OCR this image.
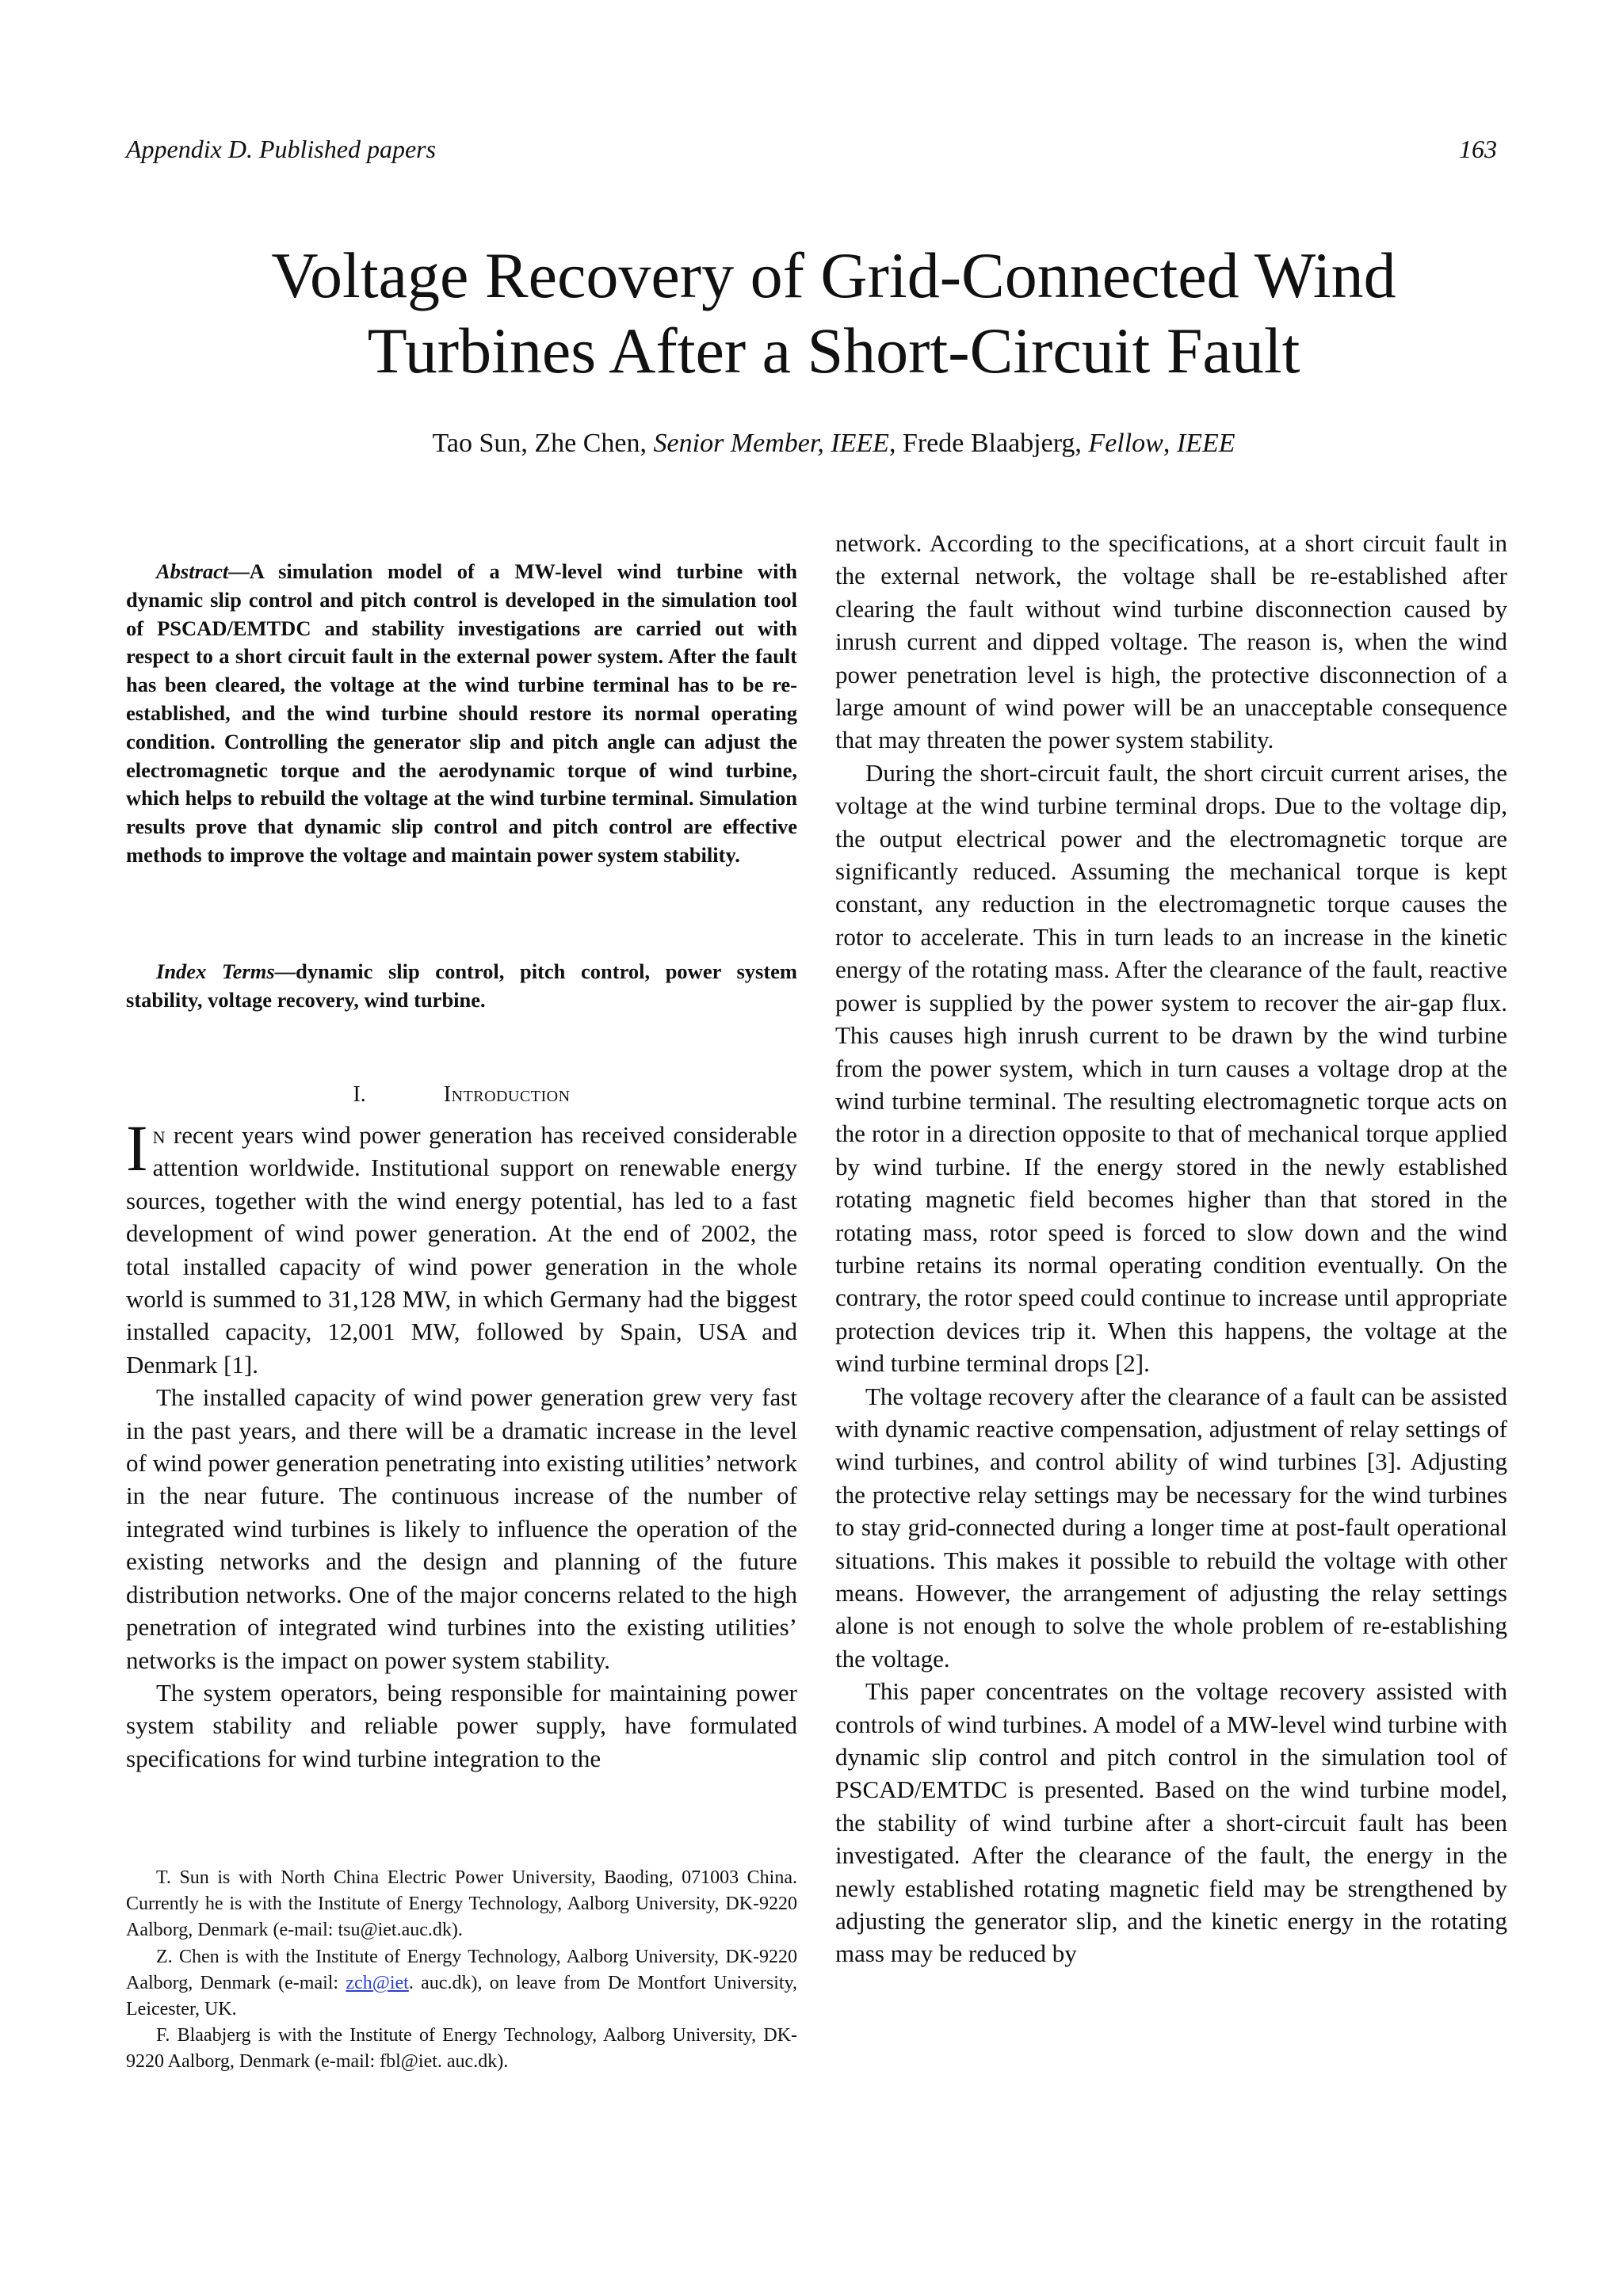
Appendix D. Published papers	163
Voltage Recovery of Grid-Connected Wind
Turbines After a Short-Circuit Fault
Tao Sun, Zhe Chen, Senior Member, IEEE, Frede Blaabjerg, Fellow, IEEE

Abstract—A simulation model of a MW-level wind turbine with dynamic slip control and pitch control is developed in the simulation tool of PSCAD/EMTDC and stability investigations are carried out with respect to a short circuit fault in the external power system. After the fault has been cleared, the voltage at the wind turbine terminal has to be re-established, and the wind turbine should restore its normal operating condition. Controlling the generator slip and pitch angle can adjust the electromagnetic torque and the aerodynamic torque of wind turbine, which helps to rebuild the voltage at the wind turbine terminal. Simulation results prove that dynamic slip control and pitch control are effective methods to improve the voltage and maintain power system stability.

Index Terms—dynamic slip control, pitch control, power system stability, voltage recovery, wind turbine.
I.	Introduction

In recent years wind power generation has received considerable attention worldwide. Institutional support on renewable energy sources, together with the wind energy potential, has led to a fast development of wind power generation. At the end of 2002, the total installed capacity of wind power generation in the whole world is summed to 31,128 MW, in which Germany had the biggest installed capacity, 12,001 MW, followed by Spain, USA and Denmark [1].

The installed capacity of wind power generation grew very fast in the past years, and there will be a dramatic increase in the level of wind power generation penetrating into existing utilities’ network in the near future. The continuous increase of the number of integrated wind turbines is likely to influence the operation of the existing networks and the design and planning of the future distribution networks. One of the major concerns related to the high penetration of integrated wind turbines into the existing utilities’ networks is the impact on power system stability.

The system operators, being responsible for maintaining power system stability and reliable power supply, have formulated specifications for wind turbine integration to the

T. Sun is with North China Electric Power University, Baoding, 071003 China. Currently he is with the Institute of Energy Technology, Aalborg University, DK-9220 Aalborg, Denmark (e-mail: tsu@iet.auc.dk).

Z. Chen is with the Institute of Energy Technology, Aalborg University, DK-9220 Aalborg, Denmark (e-mail: zch@iet. auc.dk), on leave from De Montfort University, Leicester, UK.

F. Blaabjerg is with the Institute of Energy Technology, Aalborg University, DK-9220 Aalborg, Denmark (e-mail: fbl@iet. auc.dk).

network. According to the specifications, at a short circuit fault in the external network, the voltage shall be re-established after clearing the fault without wind turbine disconnection caused by inrush current and dipped voltage. The reason is, when the wind power penetration level is high, the protective disconnection of a large amount of wind power will be an unacceptable consequence that may threaten the power system stability.

During the short-circuit fault, the short circuit current arises, the voltage at the wind turbine terminal drops. Due to the voltage dip, the output electrical power and the electromagnetic torque are significantly reduced. Assuming the mechanical torque is kept constant, any reduction in the electromagnetic torque causes the rotor to accelerate. This in turn leads to an increase in the kinetic energy of the rotating mass. After the clearance of the fault, reactive power is supplied by the power system to recover the air-gap flux. This causes high inrush current to be drawn by the wind turbine from the power system, which in turn causes a voltage drop at the wind turbine terminal. The resulting electromagnetic torque acts on the rotor in a direction opposite to that of mechanical torque applied by wind turbine. If the energy stored in the newly established rotating magnetic field becomes higher than that stored in the rotating mass, rotor speed is forced to slow down and the wind turbine retains its normal operating condition eventually. On the contrary, the rotor speed could continue to increase until appropriate protection devices trip it. When this happens, the voltage at the wind turbine terminal drops [2].

The voltage recovery after the clearance of a fault can be assisted with dynamic reactive compensation, adjustment of relay settings of wind turbines, and control ability of wind turbines [3]. Adjusting the protective relay settings may be necessary for the wind turbines to stay grid-connected during a longer time at post-fault operational situations. This makes it possible to rebuild the voltage with other means. However, the arrangement of adjusting the relay settings alone is not enough to solve the whole problem of re-establishing the voltage.

This paper concentrates on the voltage recovery assisted with controls of wind turbines. A model of a MW-level wind turbine with dynamic slip control and pitch control in the simulation tool of PSCAD/EMTDC is presented. Based on the wind turbine model, the stability of wind turbine after a short-circuit fault has been investigated. After the clearance of the fault, the energy in the newly established rotating magnetic field may be strengthened by adjusting the generator slip, and the kinetic energy in the rotating mass may be reduced by
